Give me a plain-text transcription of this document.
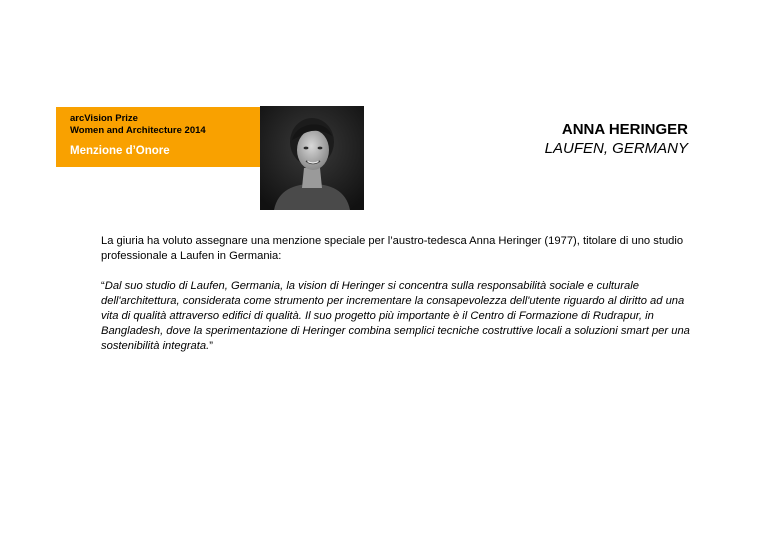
arcVision Prize
Women and Architecture 2014
Menzione d’Onore
ANNA HERINGER
LAUFEN, GERMANY

La giuria ha voluto assegnare una menzione speciale per l’austro-tedesca Anna Heringer (1977), titolare di uno studio professionale a Laufen in Germania:

“Dal suo studio di Laufen, Germania, la vision di Heringer si concentra sulla responsabilità sociale e culturale dell'architettura, considerata come strumento per incrementare la consapevolezza dell'utente riguardo al diritto ad una vita di qualità attraverso edifici di qualità. Il suo progetto più importante è il Centro di Formazione di Rudrapur, in Bangladesh, dove la sperimentazione di Heringer combina semplici tecniche costruttive locali a soluzioni smart per una sostenibilità integrata.”
